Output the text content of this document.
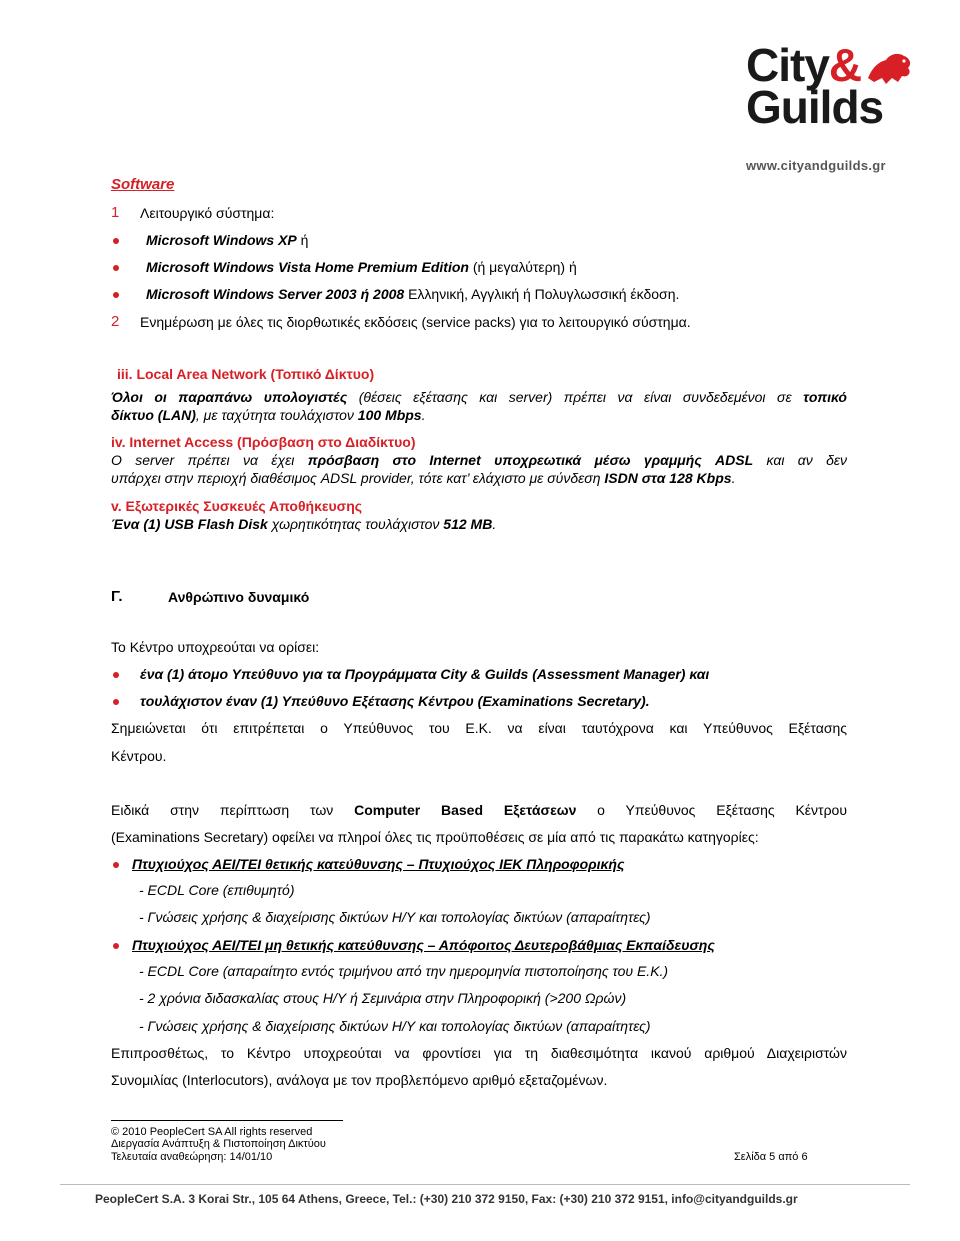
City&
Guilds
www.cityandguilds.gr
Software
1 Λειτουργικό σύστημα:
Microsoft Windows XP ή
Microsoft Windows Vista Home Premium Edition (ή μεγαλύτερη) ή
Microsoft Windows Server 2003 ή 2008 Ελληνική, Αγγλική ή Πολυγλωσσική έκδοση.
2 Ενημέρωση με όλες τις διορθωτικές εκδόσεις (service packs) για το λειτουργικό σύστημα.
iii. Local Area Network (Τοπικό Δίκτυο)
Όλοι οι παραπάνω υπολογιστές (θέσεις εξέτασης και server) πρέπει να είναι συνδεδεμένοι σε τοπικό
δίκτυο (LAN), με ταχύτητα τουλάχιστον 100 Mbps.
iv. Internet Access (Πρόσβαση στο Διαδίκτυο)
Ο server πρέπει να έχει πρόσβαση στο Internet υποχρεωτικά μέσω γραμμής ADSL και αν δεν
υπάρχει στην περιοχή διαθέσιμος ADSL provider, τότε κατ’ ελάχιστο με σύνδεση ISDN στα 128 Kbps.
v. Εξωτερικές Συσκευές Αποθήκευσης
Ένα (1) USB Flash Disk χωρητικότητας τουλάχιστον 512 MB.
Γ.	Ανθρώπινο δυναμικό
Το Κέντρο υποχρεούται να ορίσει:
ένα (1) άτομο Υπεύθυνο για τα Προγράμματα City & Guilds (Assessment Manager) και
τουλάχιστον έναν (1) Υπεύθυνο Εξέτασης Κέντρου (Examinations Secretary).
Σημειώνεται ότι επιτρέπεται ο Υπεύθυνος του Ε.Κ. να είναι ταυτόχρονα και Υπεύθυνος Εξέτασης
Κέντρου.
Ειδικά στην περίπτωση των Computer Based Εξετάσεων ο Υπεύθυνος Εξέτασης Κέντρου
(Examinations Secretary) οφείλει να πληροί όλες τις προϋποθέσεις σε μία από τις παρακάτω κατηγορίες:
Πτυχιούχος ΑΕΙ/ΤΕΙ θετικής κατεύθυνσης – Πτυχιούχος ΙΕΚ Πληροφορικής
- ECDL Core (επιθυμητό)
- Γνώσεις χρήσης & διαχείρισης δικτύων Η/Υ και τοπολογίας δικτύων (απαραίτητες)
Πτυχιούχος ΑΕΙ/ΤΕΙ μη θετικής κατεύθυνσης – Απόφοιτος Δευτεροβάθμιας Εκπαίδευσης
- ECDL Core (απαραίτητο εντός τριμήνου από την ημερομηνία πιστοποίησης του Ε.Κ.)
- 2 χρόνια διδασκαλίας στους Η/Υ ή Σεμινάρια στην Πληροφορική (>200 Ωρών)
- Γνώσεις χρήσης & διαχείρισης δικτύων Η/Υ και τοπολογίας δικτύων (απαραίτητες)
Επιπροσθέτως, το Κέντρο υποχρεούται να φροντίσει για τη διαθεσιμότητα ικανού αριθμού Διαχειριστών
Συνομιλίας (Interlocutors), ανάλογα με τον προβλεπόμενο αριθμό εξεταζομένων.
© 2010 PeopleCert SA All rights reserved
Διεργασία Ανάπτυξη & Πιστοποίηση Δικτύου
Τελευταία αναθεώρηση: 14/01/10	Σελίδα 5 από 6
PeopleCert S.A. 3 Korai Str., 105 64 Athens, Greece, Tel.: (+30) 210 372 9150, Fax: (+30) 210 372 9151, info@cityandguilds.gr
